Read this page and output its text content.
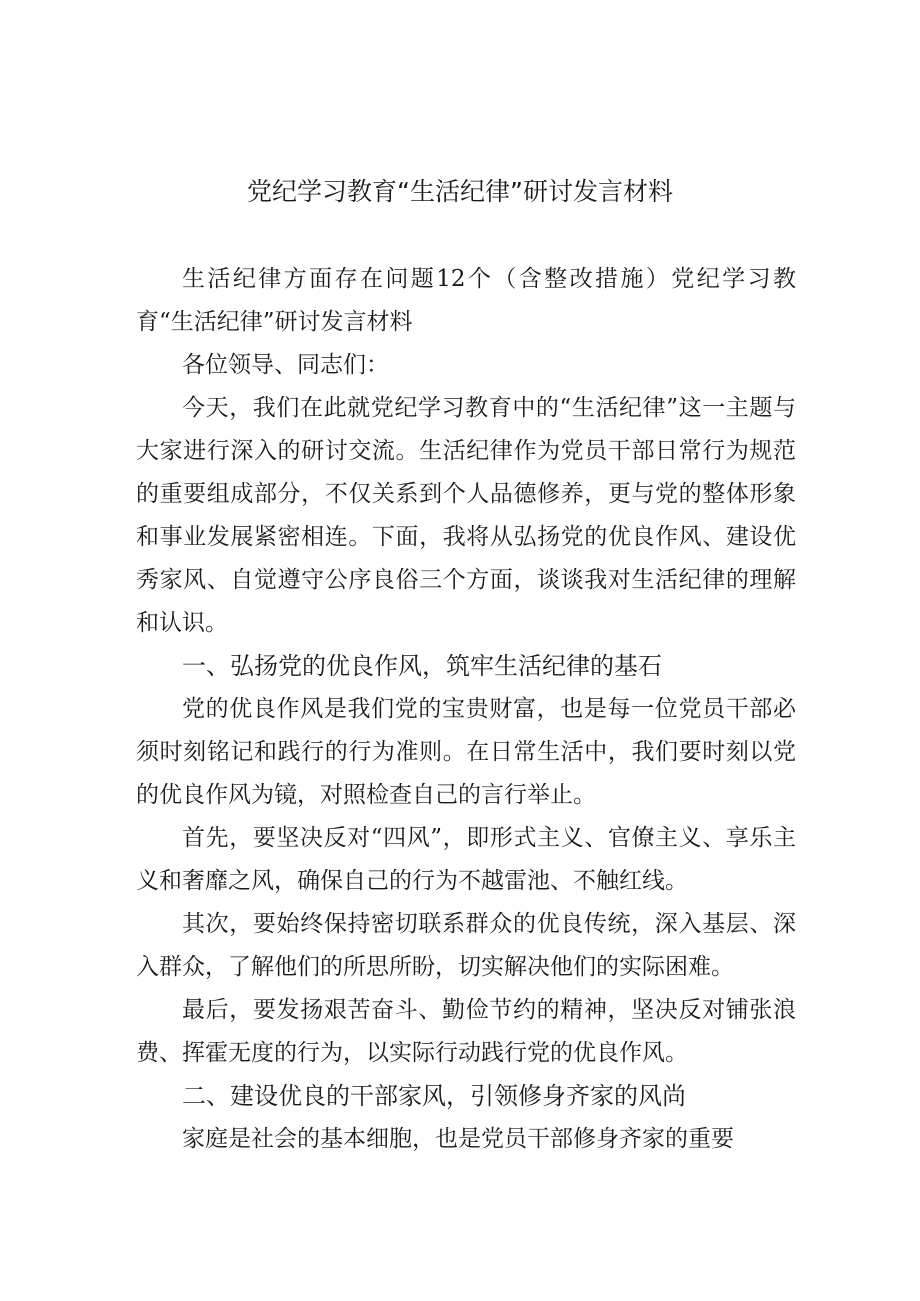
党纪学习教育“生活纪律”研讨发言材料

生活纪律方面存在问题12个（含整改措施）党纪学习教育“生活纪律”研讨发言材料

各位领导、同志们：

今天，我们在此就党纪学习教育中的“生活纪律”这一主题与大家进行深入的研讨交流。生活纪律作为党员干部日常行为规范的重要组成部分，不仅关系到个人品德修养，更与党的整体形象和事业发展紧密相连。下面，我将从弘扬党的优良作风、建设优秀家风、自觉遵守公序良俗三个方面，谈谈我对生活纪律的理解和认识。

一、弘扬党的优良作风，筑牢生活纪律的基石

党的优良作风是我们党的宝贵财富，也是每一位党员干部必须时刻铭记和践行的行为准则。在日常生活中，我们要时刻以党的优良作风为镜，对照检查自己的言行举止。

首先，要坚决反对“四风”，即形式主义、官僚主义、享乐主义和奢靡之风，确保自己的行为不越雷池、不触红线。

其次，要始终保持密切联系群众的优良传统，深入基层、深入群众，了解他们的所思所盼，切实解决他们的实际困难。

最后，要发扬艰苦奋斗、勤俭节约的精神，坚决反对铺张浪费、挥霍无度的行为，以实际行动践行党的优良作风。

二、建设优良的干部家风，引领修身齐家的风尚

家庭是社会的基本细胞，也是党员干部修身齐家的重要
